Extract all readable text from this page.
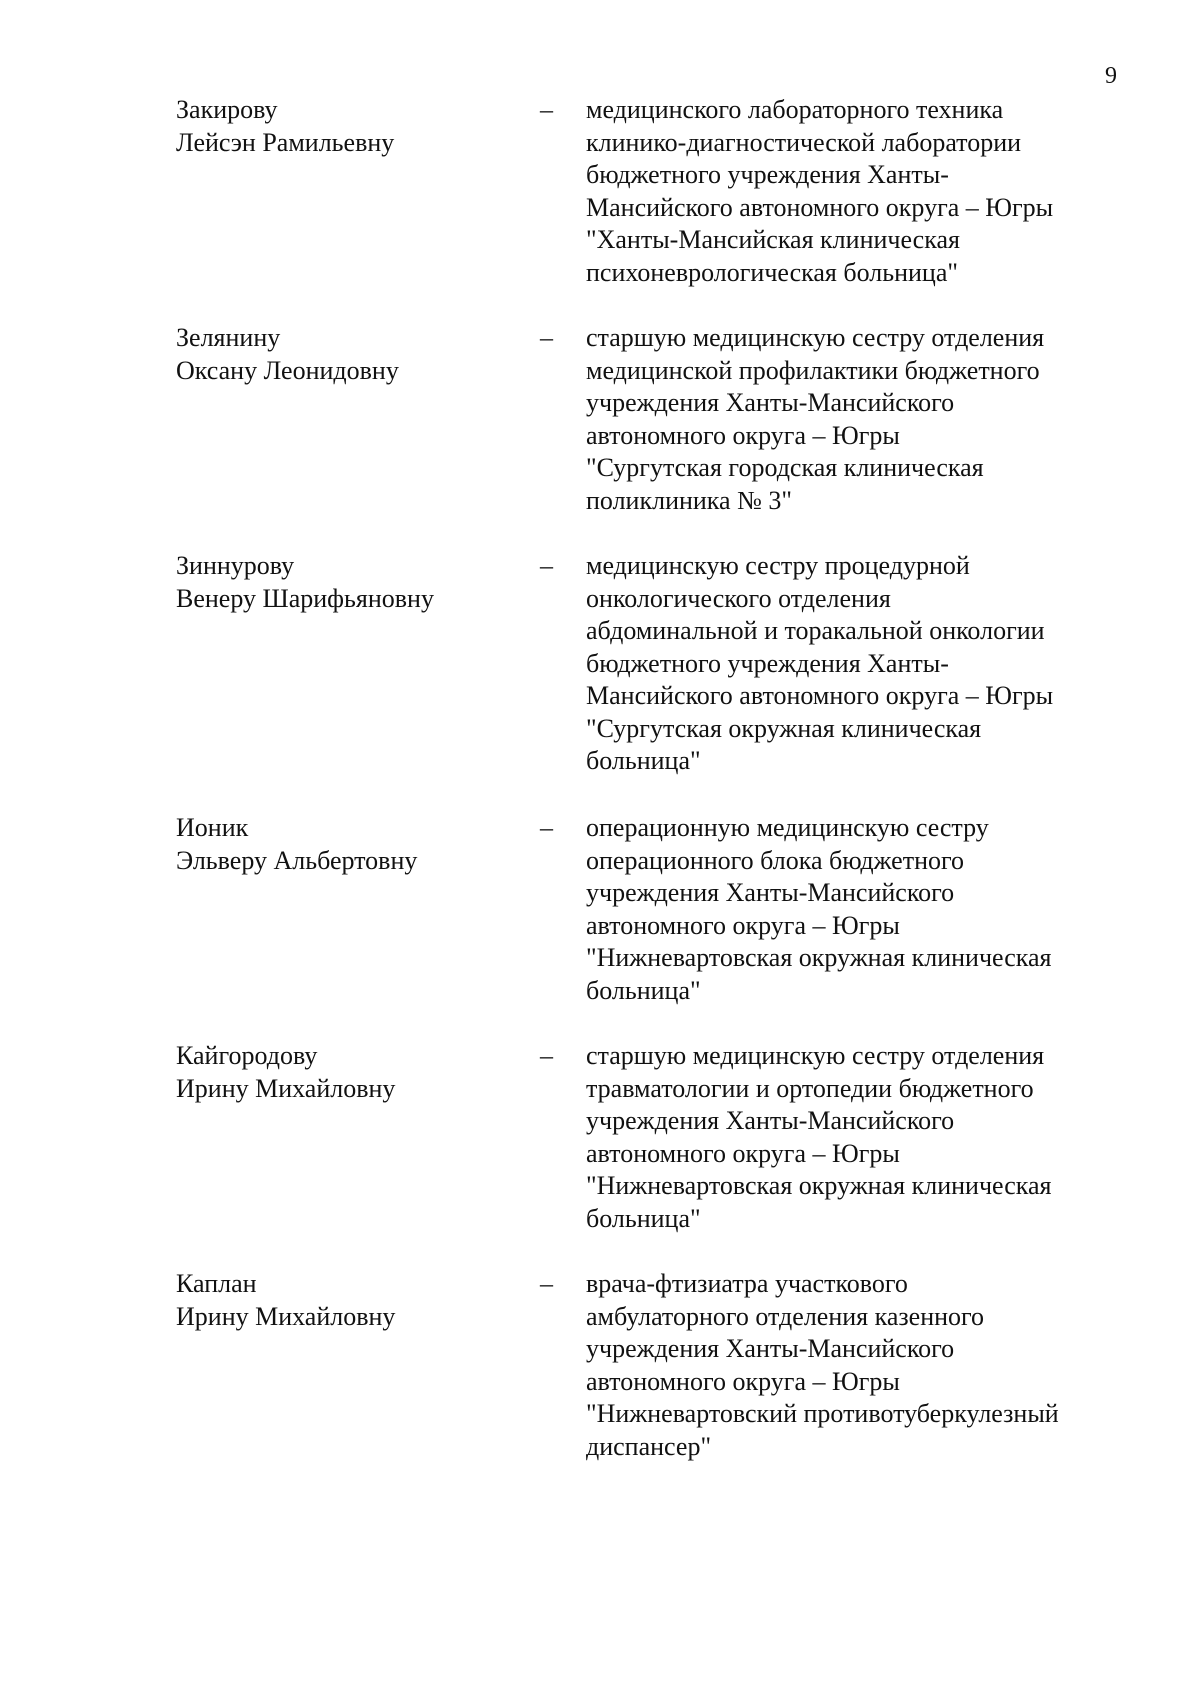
9
Закирову
Лейсэн Рамильевну
– медицинского лабораторного техника
клинико-диагностической лаборатории
бюджетного учреждения Ханты-
Мансийского автономного округа – Югры
"Ханты-Мансийская клиническая
психоневрологическая больница"
Зелянину
Оксану Леонидовну
– старшую медицинскую сестру отделения
медицинской профилактики бюджетного
учреждения Ханты-Мансийского
автономного округа – Югры
"Сургутская городская клиническая
поликлиника № 3"
Зиннурову
Венеру Шарифьяновну
– медицинскую сестру процедурной
онкологического отделения
абдоминальной и торакальной онкологии
бюджетного учреждения Ханты-
Мансийского автономного округа – Югры
"Сургутская окружная клиническая
больница"
Ионик
Эльверу Альбертовну
– операционную медицинскую сестру
операционного блока бюджетного
учреждения Ханты-Мансийского
автономного округа – Югры
"Нижневартовская окружная клиническая
больница"
Кайгородову
Ирину Михайловну
– старшую медицинскую сестру отделения
травматологии и ортопедии бюджетного
учреждения Ханты-Мансийского
автономного округа – Югры
"Нижневартовская окружная клиническая
больница"
Каплан
Ирину Михайловну
– врача-фтизиатра участкового
амбулаторного отделения казенного
учреждения Ханты-Мансийского
автономного округа – Югры
"Нижневартовский противотуберкулезный
диспансер"
